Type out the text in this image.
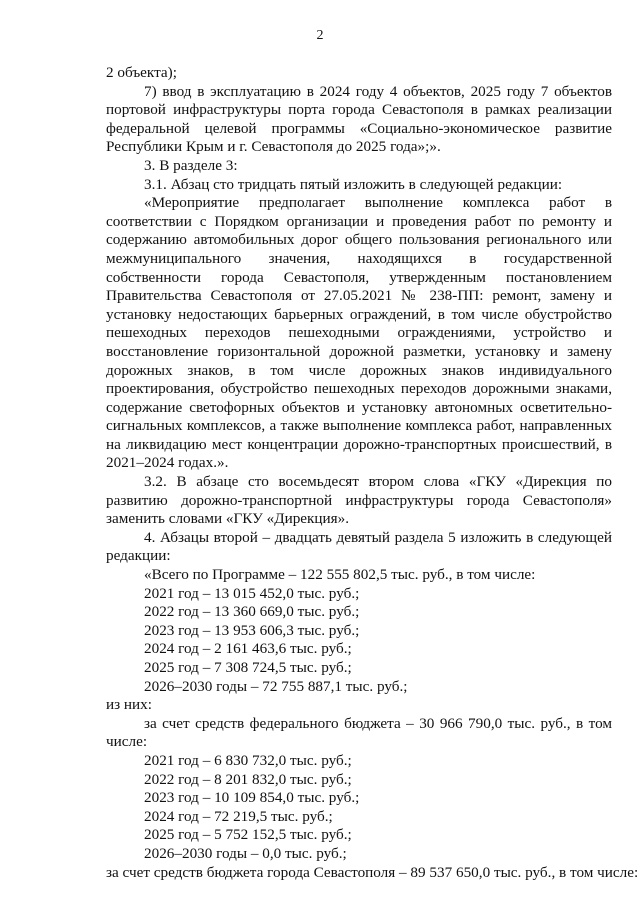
2

2 объекта);

7) ввод в эксплуатацию в 2024 году 4 объектов, 2025 году 7 объектов портовой инфраструктуры порта города Севастополя в рамках реализации федеральной целевой программы «Социально-экономическое развитие Республики Крым и г. Севастополя до 2025 года»;».

3. В разделе 3:

3.1. Абзац сто тридцать пятый изложить в следующей редакции:

«Мероприятие предполагает выполнение комплекса работ в соответствии с Порядком организации и проведения работ по ремонту и содержанию автомобильных дорог общего пользования регионального или межмуниципального значения, находящихся в государственной собственности города Севастополя, утвержденным постановлением Правительства Севастополя от 27.05.2021 № 238-ПП: ремонт, замену и установку недостающих барьерных ограждений, в том числе обустройство пешеходных переходов пешеходными ограждениями, устройство и восстановление горизонтальной дорожной разметки, установку и замену дорожных знаков, в том числе дорожных знаков индивидуального проектирования, обустройство пешеходных переходов дорожными знаками, содержание светофорных объектов и установку автономных осветительно-сигнальных комплексов, а также выполнение комплекса работ, направленных на ликвидацию мест концентрации дорожно-транспортных происшествий, в 2021–2024 годах.».

3.2. В абзаце сто восемьдесят втором слова «ГКУ «Дирекция по развитию дорожно-транспортной инфраструктуры города Севастополя» заменить словами «ГКУ «Дирекция».

4. Абзацы второй – двадцать девятый раздела 5 изложить в следующей редакции:

«Всего по Программе – 122 555 802,5 тыс. руб., в том числе:
2021 год – 13 015 452,0 тыс. руб.;
2022 год – 13 360 669,0 тыс. руб.;
2023 год – 13 953 606,3 тыс. руб.;
2024 год – 2 161 463,6 тыс. руб.;
2025 год – 7 308 724,5 тыс. руб.;
2026–2030 годы – 72 755 887,1 тыс. руб.;
из них:

за счет средств федерального бюджета – 30 966 790,0 тыс. руб., в том числе:

2021 год – 6 830 732,0 тыс. руб.;
2022 год – 8 201 832,0 тыс. руб.;
2023 год – 10 109 854,0 тыс. руб.;
2024 год – 72 219,5 тыс. руб.;
2025 год – 5 752 152,5 тыс. руб.;
2026–2030 годы – 0,0 тыс. руб.;
за счет средств бюджета города Севастополя – 89 537 650,0 тыс. руб., в том числе:
